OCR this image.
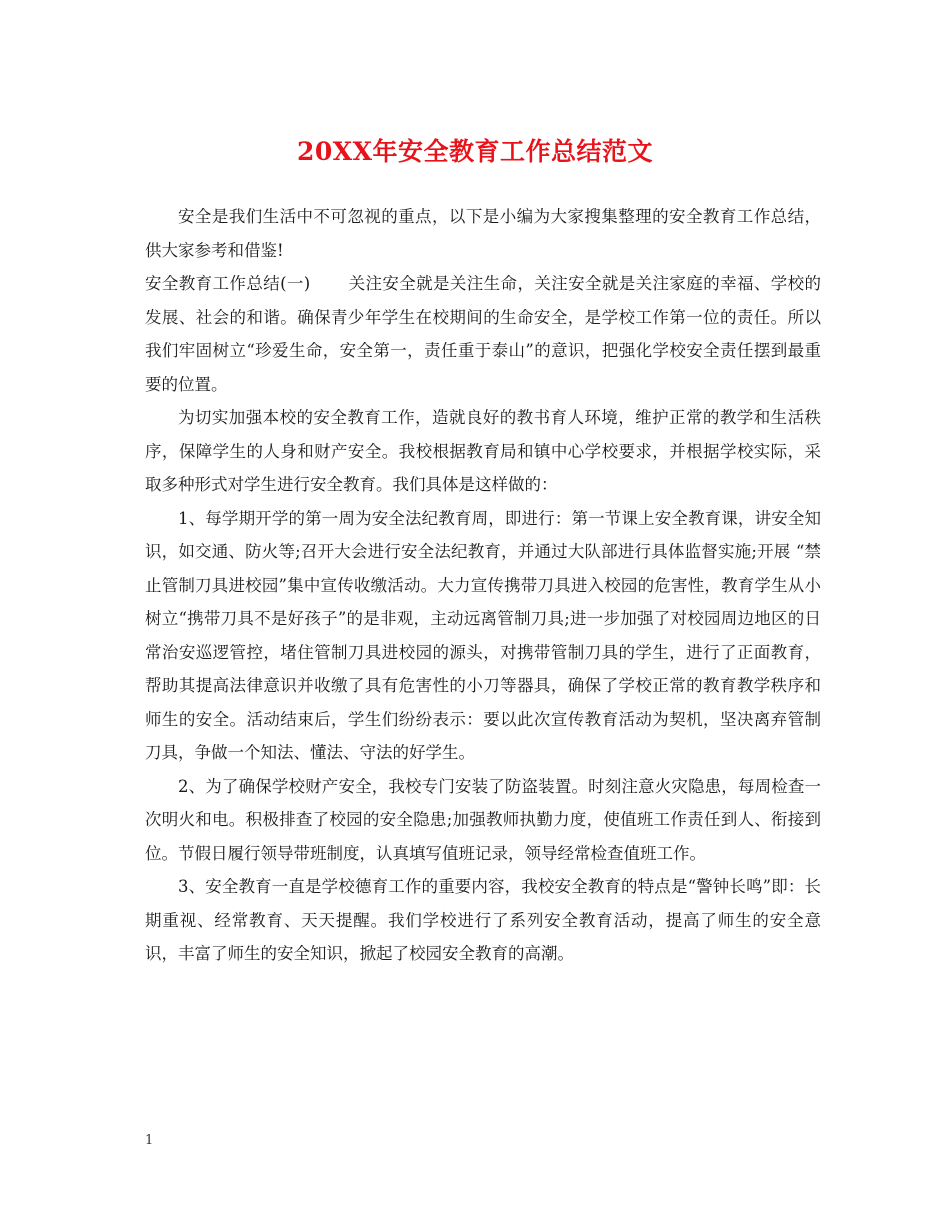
20XX年安全教育工作总结范文

安全是我们生活中不可忽视的重点，以下是小编为大家搜集整理的安全教育工作总结，供大家参考和借鉴!

安全教育工作总结(一) 关注安全就是关注生命，关注安全就是关注家庭的幸福、学校的发展、社会的和谐。确保青少年学生在校期间的生命安全，是学校工作第一位的责任。所以我们牢固树立“珍爱生命，安全第一，责任重于泰山”的意识，把强化学校安全责任摆到最重要的位置。

为切实加强本校的安全教育工作，造就良好的教书育人环境，维护正常的教学和生活秩序，保障学生的人身和财产安全。我校根据教育局和镇中心学校要求，并根据学校实际，采取多种形式对学生进行安全教育。我们具体是这样做的：

1、每学期开学的第一周为安全法纪教育周，即进行：第一节课上安全教育课，讲安全知识，如交通、防火等;召开大会进行安全法纪教育，并通过大队部进行具体监督实施;开展 “禁止管制刀具进校园”集中宣传收缴活动。大力宣传携带刀具进入校园的危害性，教育学生从小树立“携带刀具不是好孩子”的是非观，主动远离管制刀具;进一步加强了对校园周边地区的日常治安巡逻管控，堵住管制刀具进校园的源头，对携带管制刀具的学生，进行了正面教育，帮助其提高法律意识并收缴了具有危害性的小刀等器具，确保了学校正常的教育教学秩序和师生的安全。活动结束后，学生们纷纷表示：要以此次宣传教育活动为契机，坚决离弃管制刀具，争做一个知法、懂法、守法的好学生。

2、为了确保学校财产安全，我校专门安装了防盗装置。时刻注意火灾隐患，每周检查一次明火和电。积极排查了校园的安全隐患;加强教师执勤力度，使值班工作责任到人、衔接到位。节假日履行领导带班制度，认真填写值班记录，领导经常检查值班工作。

3、安全教育一直是学校德育工作的重要内容，我校安全教育的特点是“警钟长鸣”即：长期重视、经常教育、天天提醒。我们学校进行了系列安全教育活动，提高了师生的安全意识，丰富了师生的安全知识，掀起了校园安全教育的高潮。

1
